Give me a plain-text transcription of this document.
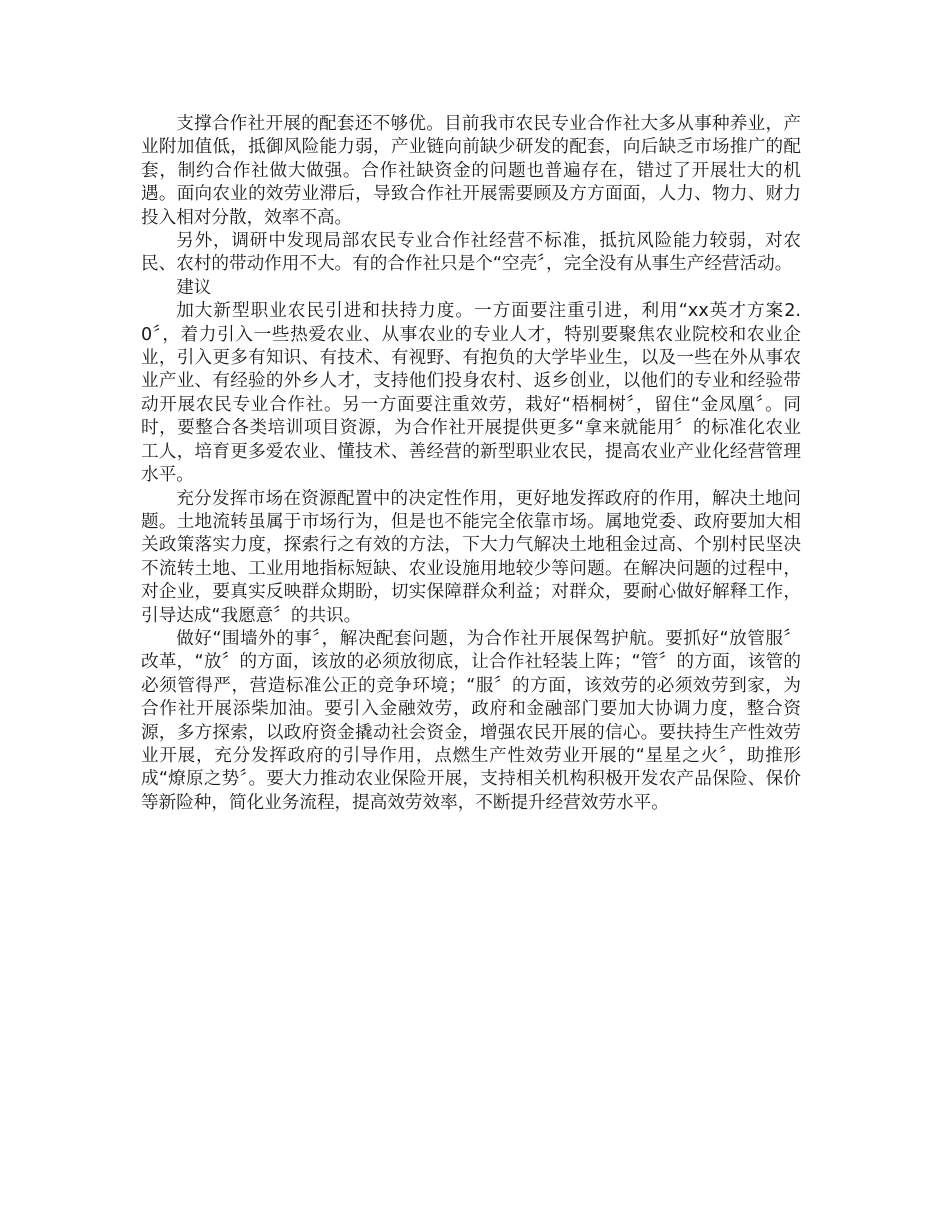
支撑合作社开展的配套还不够优。目前我市农民专业合作社大多从事种养业，产业附加值低，抵御风险能力弱，产业链向前缺少研发的配套，向后缺乏市场推广的配套，制约合作社做大做强。合作社缺资金的问题也普遍存在，错过了开展壮大的机遇。面向农业的效劳业滞后，导致合作社开展需要顾及方方面面，人力、物力、财力投入相对分散，效率不高。

另外，调研中发现局部农民专业合作社经营不标准，抵抗风险能力较弱，对农民、农村的带动作用不大。有的合作社只是个“空壳〞，完全没有从事生产经营活动。

建议

加大新型职业农民引进和扶持力度。一方面要注重引进，利用“xx英才方案2.0〞，着力引入一些热爱农业、从事农业的专业人才，特别要聚焦农业院校和农业企业，引入更多有知识、有技术、有视野、有抱负的大学毕业生，以及一些在外从事农业产业、有经验的外乡人才，支持他们投身农村、返乡创业，以他们的专业和经验带动开展农民专业合作社。另一方面要注重效劳，栽好“梧桐树〞，留住“金凤凰〞。同时，要整合各类培训项目资源，为合作社开展提供更多“拿来就能用〞的标准化农业工人，培育更多爱农业、懂技术、善经营的新型职业农民，提高农业产业化经营管理水平。

充分发挥市场在资源配置中的决定性作用，更好地发挥政府的作用，解决土地问题。土地流转虽属于市场行为，但是也不能完全依靠市场。属地党委、政府要加大相关政策落实力度，探索行之有效的方法，下大力气解决土地租金过高、个别村民坚决不流转土地、工业用地指标短缺、农业设施用地较少等问题。在解决问题的过程中，对企业，要真实反映群众期盼，切实保障群众利益；对群众，要耐心做好解释工作，引导达成“我愿意〞的共识。

做好“围墙外的事〞，解决配套问题，为合作社开展保驾护航。要抓好“放管服〞改革，“放〞的方面，该放的必须放彻底，让合作社轻装上阵；“管〞的方面，该管的必须管得严，营造标准公正的竞争环境；“服〞的方面，该效劳的必须效劳到家，为合作社开展添柴加油。要引入金融效劳，政府和金融部门要加大协调力度，整合资源，多方探索，以政府资金撬动社会资金，增强农民开展的信心。要扶持生产性效劳业开展，充分发挥政府的引导作用，点燃生产性效劳业开展的“星星之火〞，助推形成“燎原之势〞。要大力推动农业保险开展，支持相关机构积极开发农产品保险、保价等新险种，简化业务流程，提高效劳效率，不断提升经营效劳水平。
